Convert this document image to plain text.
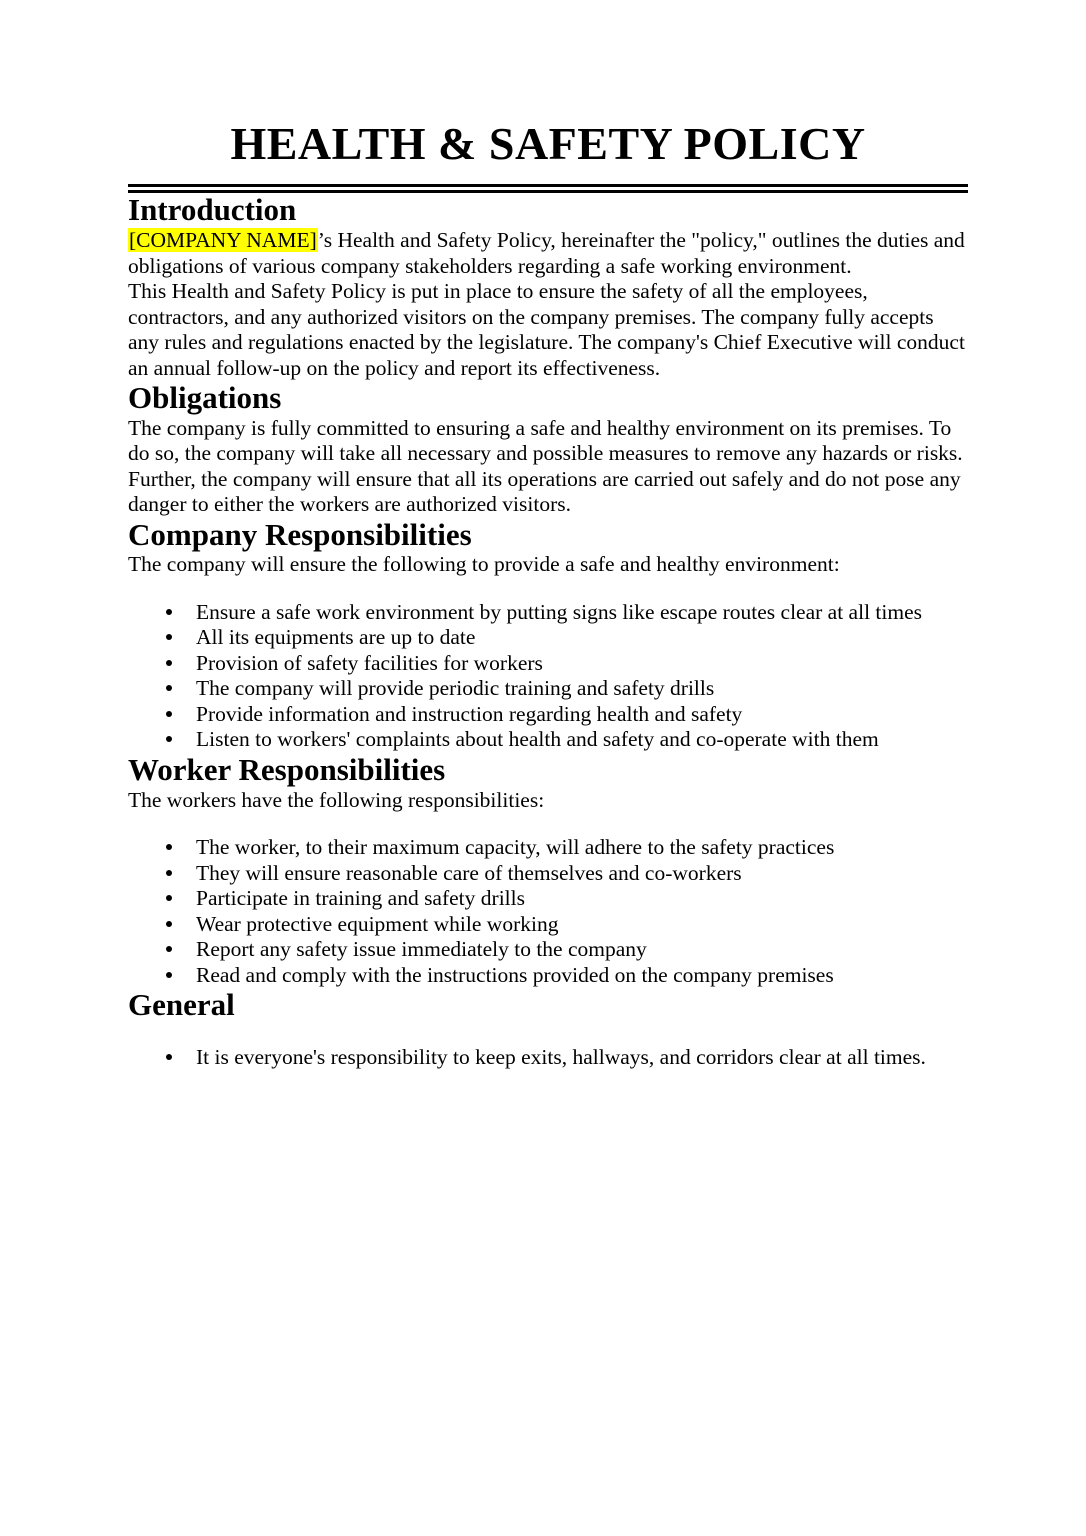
HEALTH & SAFETY POLICY
Introduction

[COMPANY NAME]’s Health and Safety Policy, hereinafter the "policy," outlines the duties and obligations of various company stakeholders regarding a safe working environment.

This Health and Safety Policy is put in place to ensure the safety of all the employees, contractors, and any authorized visitors on the company premises. The company fully accepts any rules and regulations enacted by the legislature. The company's Chief Executive will conduct an annual follow-up on the policy and report its effectiveness.

Obligations

The company is fully committed to ensuring a safe and healthy environment on its premises. To do so, the company will take all necessary and possible measures to remove any hazards or risks. Further, the company will ensure that all its operations are carried out safely and do not pose any danger to either the workers are authorized visitors.

Company Responsibilities

The company will ensure the following to provide a safe and healthy environment:

Ensure a safe work environment by putting signs like escape routes clear at all times
All its equipments are up to date
Provision of safety facilities for workers
The company will provide periodic training and safety drills
Provide information and instruction regarding health and safety
Listen to workers' complaints about health and safety and co-operate with them
Worker Responsibilities

The workers have the following responsibilities:

The worker, to their maximum capacity, will adhere to the safety practices
They will ensure reasonable care of themselves and co-workers
Participate in training and safety drills
Wear protective equipment while working
Report any safety issue immediately to the company
Read and comply with the instructions provided on the company premises
General
It is everyone's responsibility to keep exits, hallways, and corridors clear at all times.
